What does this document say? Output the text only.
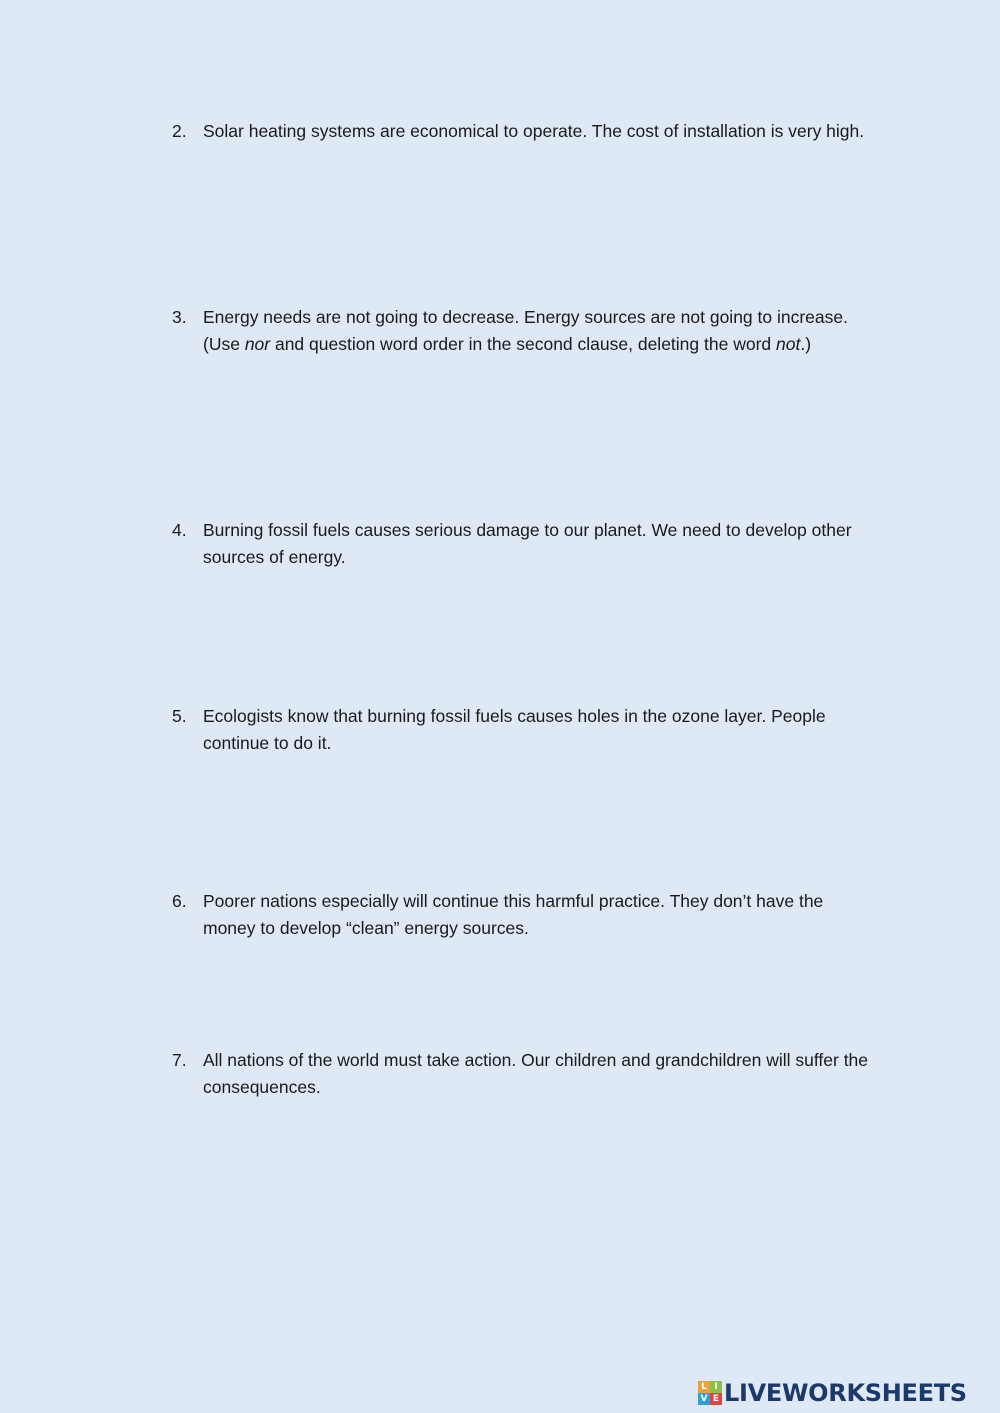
2. Solar heating systems are economical to operate. The cost of installation is very high.
3. Energy needs are not going to decrease. Energy sources are not going to increase. (Use nor and question word order in the second clause, deleting the word not.)
4. Burning fossil fuels causes serious damage to our planet. We need to develop other sources of energy.
5. Ecologists know that burning fossil fuels causes holes in the ozone layer. People continue to do it.
6. Poorer nations especially will continue this harmful practice. They don’t have the money to develop “clean” energy sources.
7. All nations of the world must take action. Our children and grandchildren will suffer the consequences.
L I
V E LIVEWORKSHEETS
